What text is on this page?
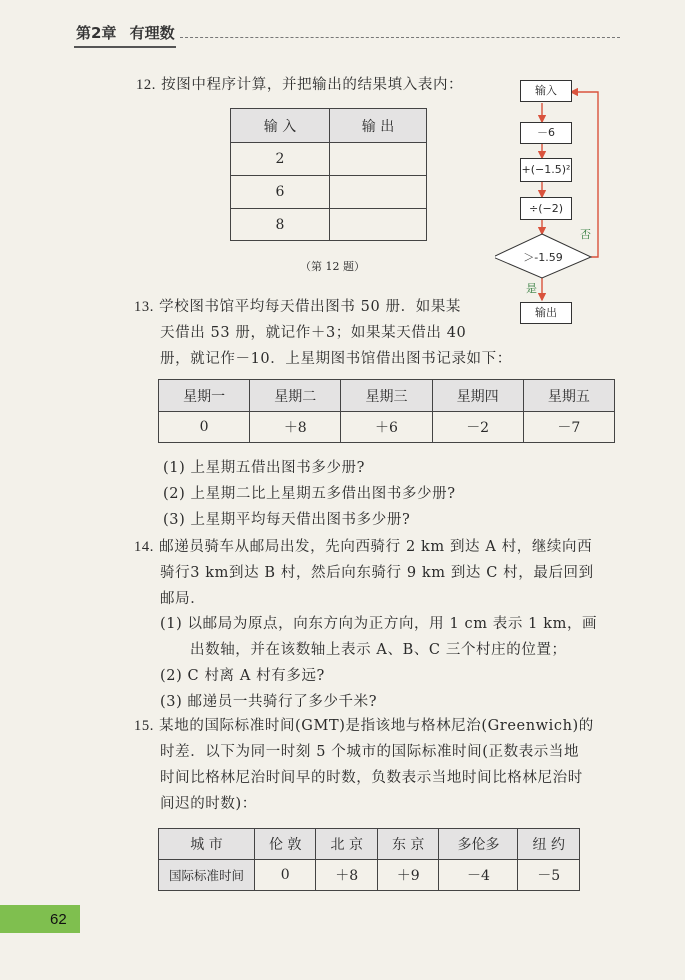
第2章 有理数
12. 按图中程序计算，并把输出的结果填入表内：
输 入	输 出
2	
6	
8	
（第 12 题）
输入
－6
+(−1.5)²
÷(−2)
＞-1.59
否
是
输出
13. 学校图书馆平均每天借出图书 50 册．如果某
天借出 53 册，就记作＋3；如果某天借出 40
册，就记作－10．上星期图书馆借出图书记录如下：
星期一	星期二	星期三	星期四	星期五
0	＋8	＋6	－2	－7
(1) 上星期五借出图书多少册?
(2) 上星期二比上星期五多借出图书多少册?
(3) 上星期平均每天借出图书多少册?
14. 邮递员骑车从邮局出发，先向西骑行 2 km 到达 A 村，继续向西
骑行3 km到达 B 村，然后向东骑行 9 km 到达 C 村，最后回到
邮局．
(1) 以邮局为原点，向东方向为正方向，用 1 cm 表示 1 km，画
出数轴，并在该数轴上表示 A、B、C 三个村庄的位置；
(2) C 村离 A 村有多远?
(3) 邮递员一共骑行了多少千米?
15. 某地的国际标准时间(GMT)是指该地与格林尼治(Greenwich)的
时差．以下为同一时刻 5 个城市的国际标准时间(正数表示当地
时间比格林尼治时间早的时数，负数表示当地时间比格林尼治时
间迟的时数)：
城 市	伦 敦	北 京	东 京	多伦多	纽 约
国际标准时间	0	＋8	＋9	－4	－5
62
